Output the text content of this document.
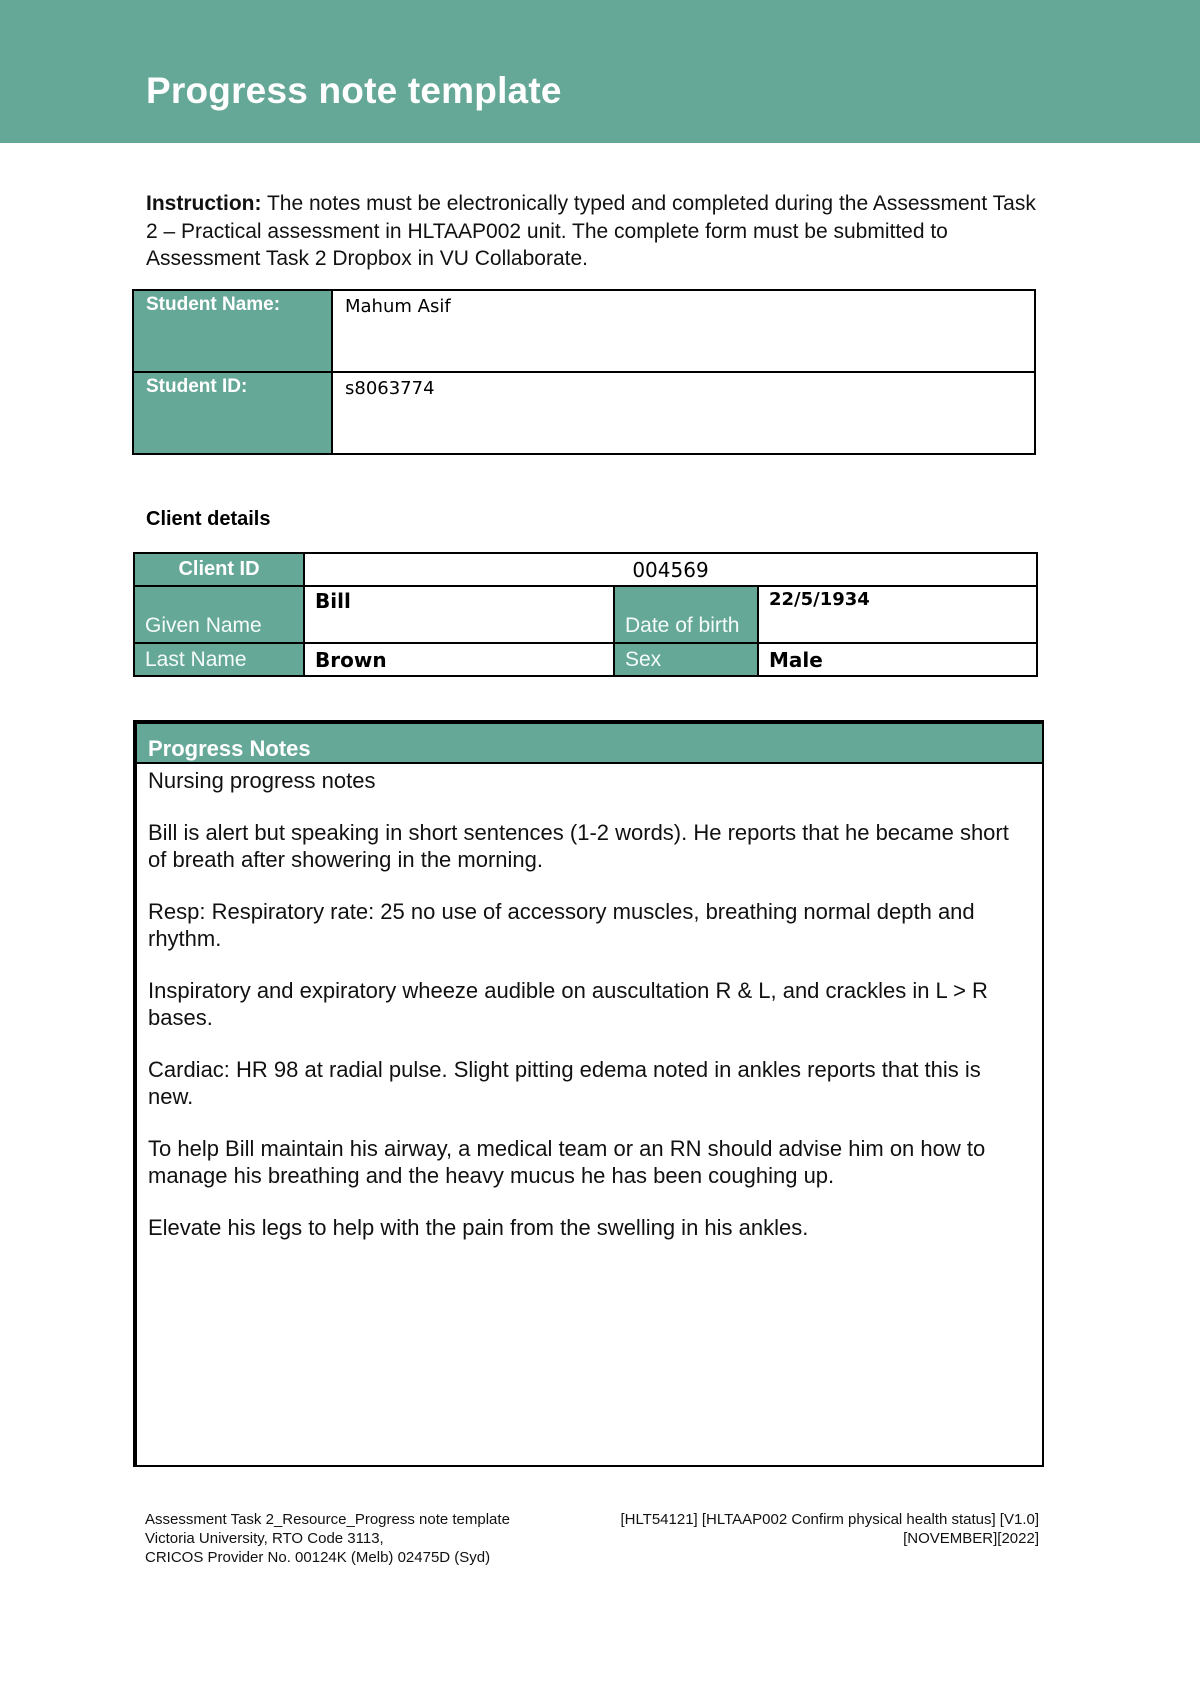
Progress note template
Instruction: The notes must be electronically typed and completed during the Assessment Task 2 – Practical assessment in HLTAAP002 unit. The complete form must be submitted to Assessment Task 2 Dropbox in VU Collaborate.
Student Name:	Mahum Asif
Student ID:	s8063774
Client details
Client ID	004569		
Given Name	Bill	Date of birth	22/5/1934
Last Name	Brown	Sex	Male
Progress Notes

Nursing progress notes

Bill is alert but speaking in short sentences (1-2 words). He reports that he became short of breath after showering in the morning.

Resp: Respiratory rate: 25 no use of accessory muscles, breathing normal depth and rhythm.

Inspiratory and expiratory wheeze audible on auscultation R & L, and crackles in L > R bases.

Cardiac: HR 98 at radial pulse. Slight pitting edema noted in ankles reports that this is new.

To help Bill maintain his airway, a medical team or an RN should advise him on how to manage his breathing and the heavy mucus he has been coughing up.

Elevate his legs to help with the pain from the swelling in his ankles.

Assessment Task 2_Resource_Progress note template
Victoria University, RTO Code 3113,
CRICOS Provider No. 00124K (Melb) 02475D (Syd)
[HLT54121] [HLTAAP002 Confirm physical health status] [V1.0]
[NOVEMBER][2022]
